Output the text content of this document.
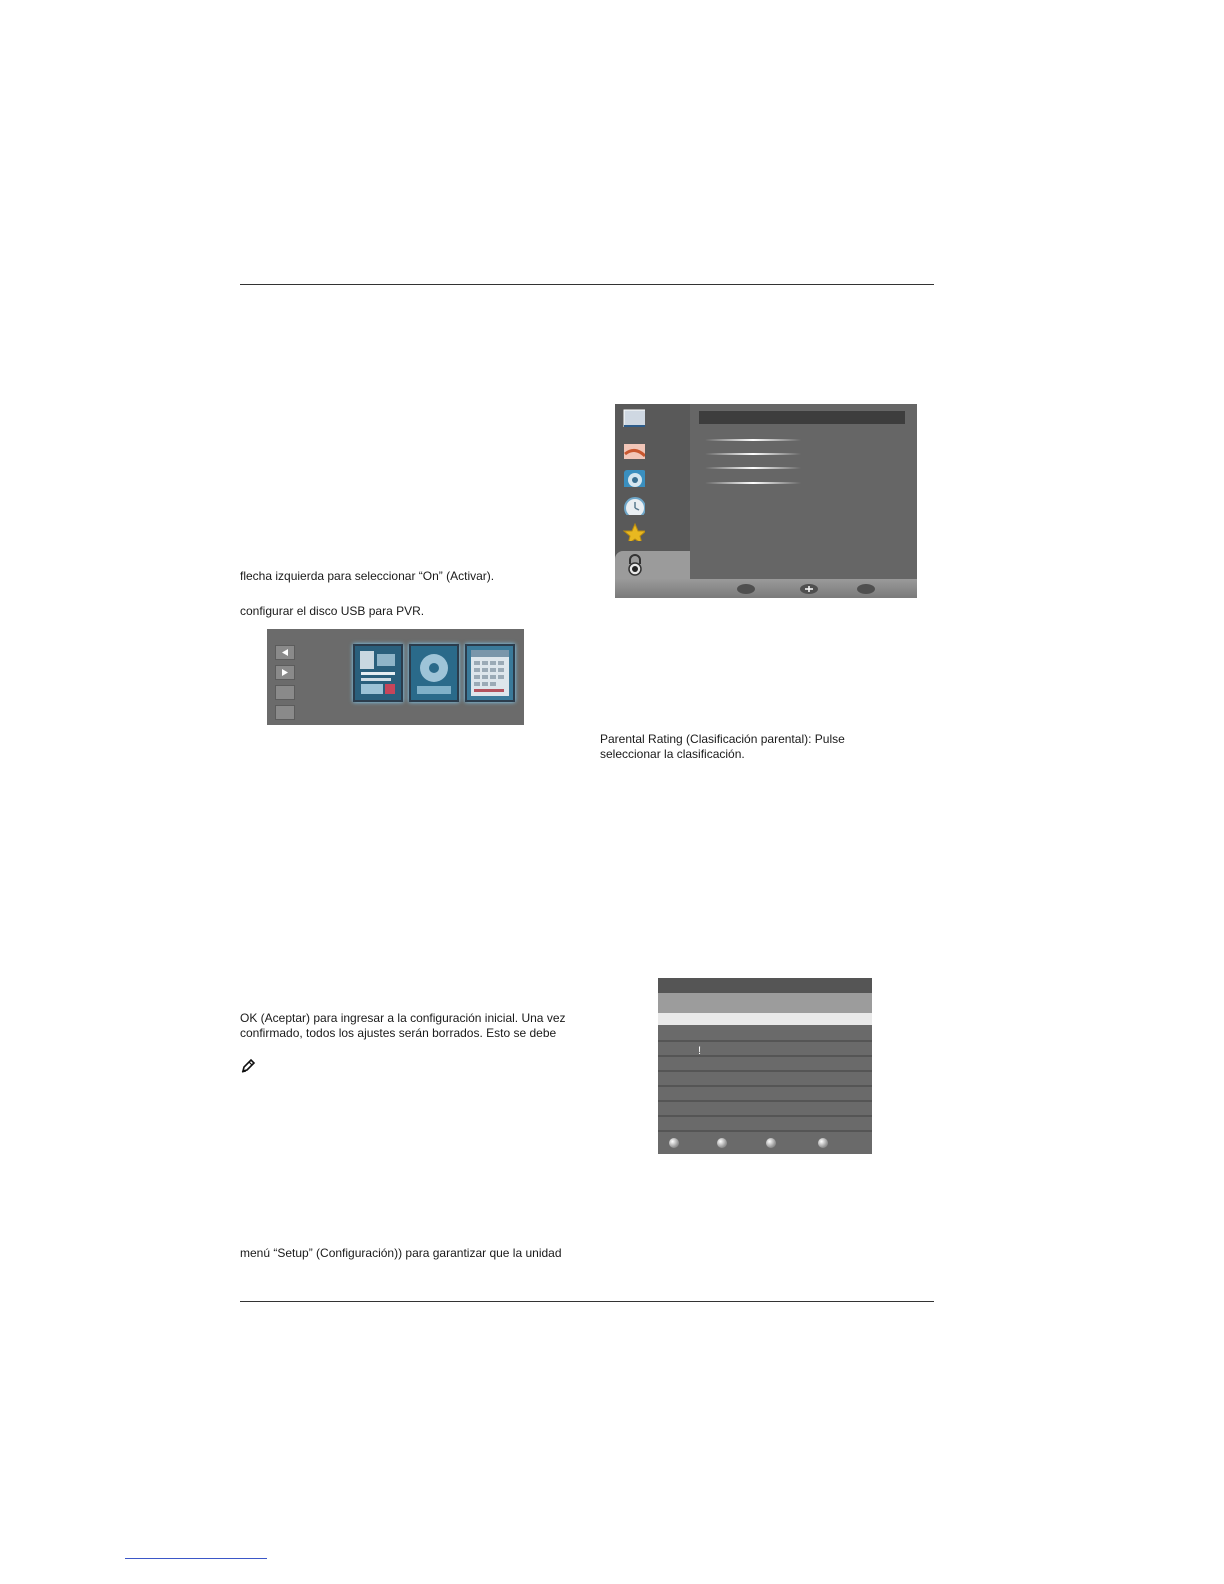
flecha izquierda para seleccionar “On” (Activar).
configurar el disco USB para PVR.
Parental Rating (Clasificación parental): Pulse
seleccionar la clasificación.
OK (Aceptar) para ingresar a la configuración inicial. Una vez
confirmado, todos los ajustes serán borrados. Esto se debe
!
menú “Setup” (Configuración)) para garantizar que la unidad
